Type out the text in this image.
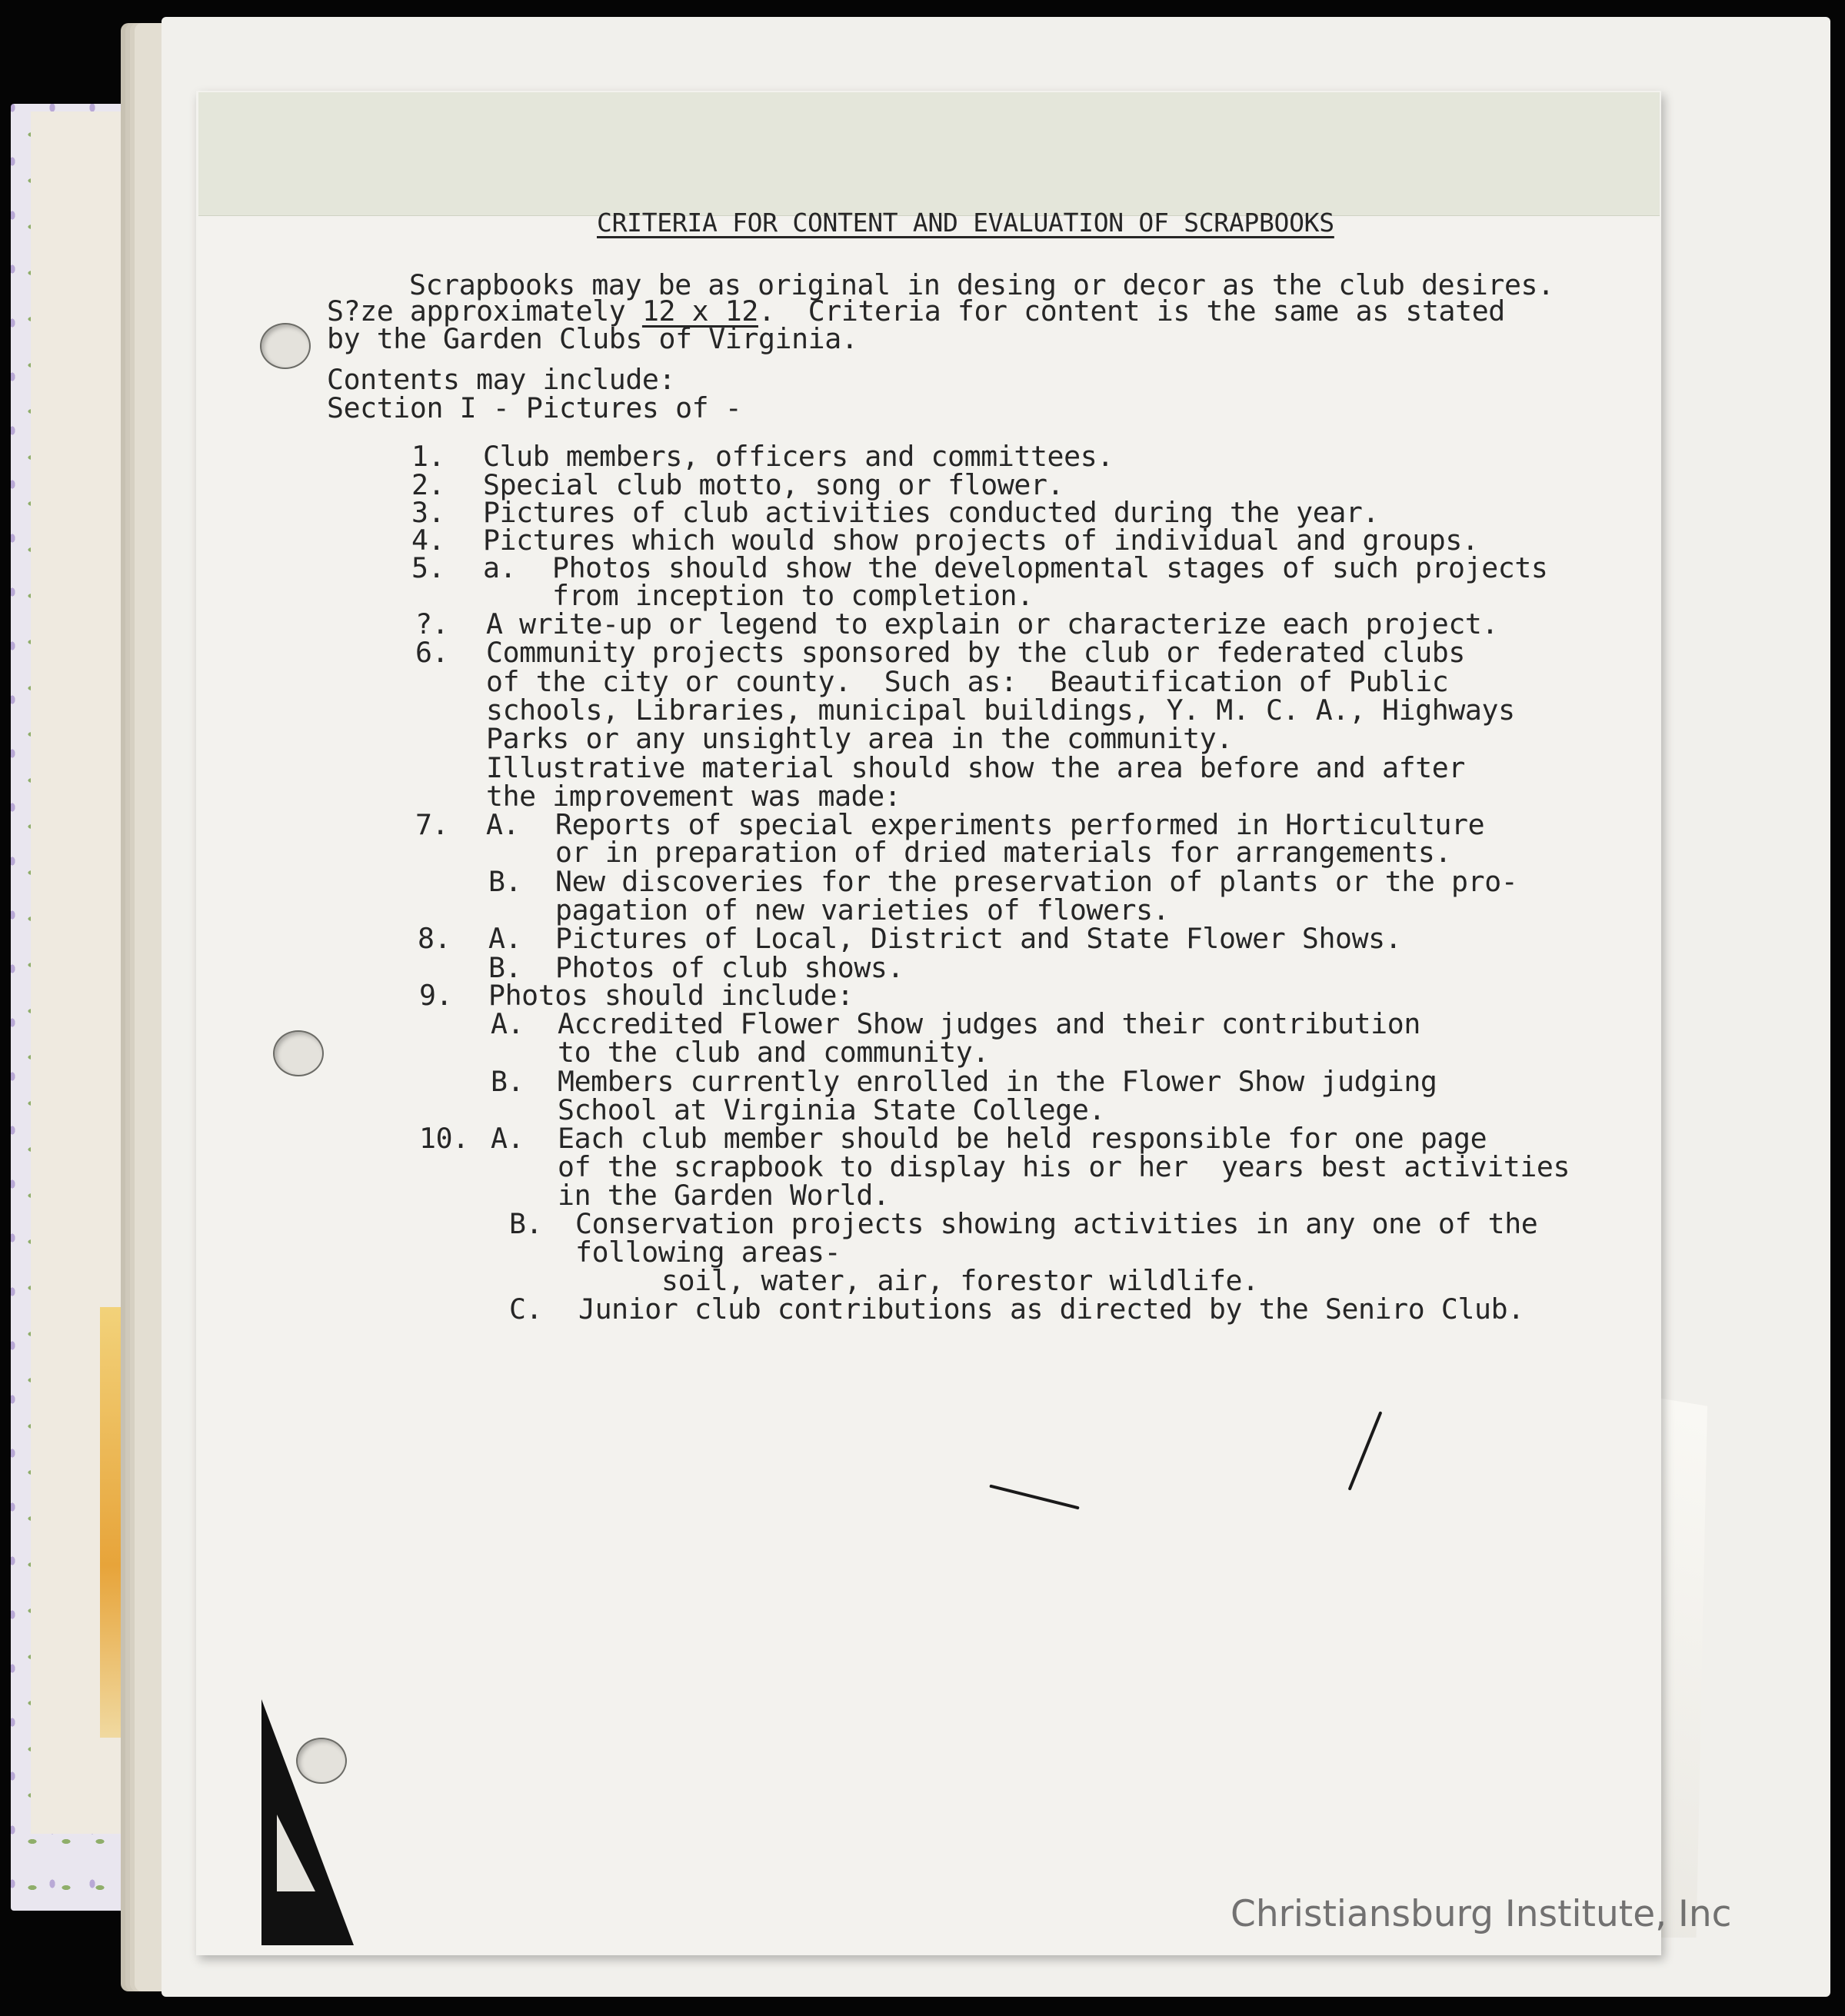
CRITERIA FOR CONTENT AND EVALUATION OF SCRAPBOOKS
Scrapbooks may be as original in desing or decor as the club desires.
S?ze approximately 12 x 12.  Criteria for content is the same as stated
by the Garden Clubs of Virginia.
Contents may include:
Section I - Pictures of -
1. Club members, officers and committees.
2. Special club motto, song or flower.
3. Pictures of club activities conducted during the year.
4. Pictures which would show projects of individual and groups.
5. a. Photos should show the developmental stages of such projects
from inception to completion.
?. A write-up or legend to explain or characterize each project.
6. Community projects sponsored by the club or federated clubs
of the city or county.  Such as:  Beautification of Public
schools, Libraries, municipal buildings, Y. M. C. A., Highways
Parks or any unsightly area in the community.
Illustrative material should show the area before and after
the improvement was made:
7. A. Reports of special experiments performed in Horticulture
or in preparation of dried materials for arrangements.
B. New discoveries for the preservation of plants or the pro-
pagation of new varieties of flowers.
8. A. Pictures of Local, District and State Flower Shows.
B. Photos of club shows.
9. Photos should include:
A. Accredited Flower Show judges and their contribution
to the club and community.
B. Members currently enrolled in the Flower Show judging
School at Virginia State College.
10. A. Each club member should be held responsible for one page
of the scrapbook to display his or her  years best activities
in the Garden World.
B. Conservation projects showing activities in any one of the
following areas-
soil, water, air, forestor wildlife.
C. Junior club contributions as directed by the Seniro Club.
Christiansburg Institute, Inc
